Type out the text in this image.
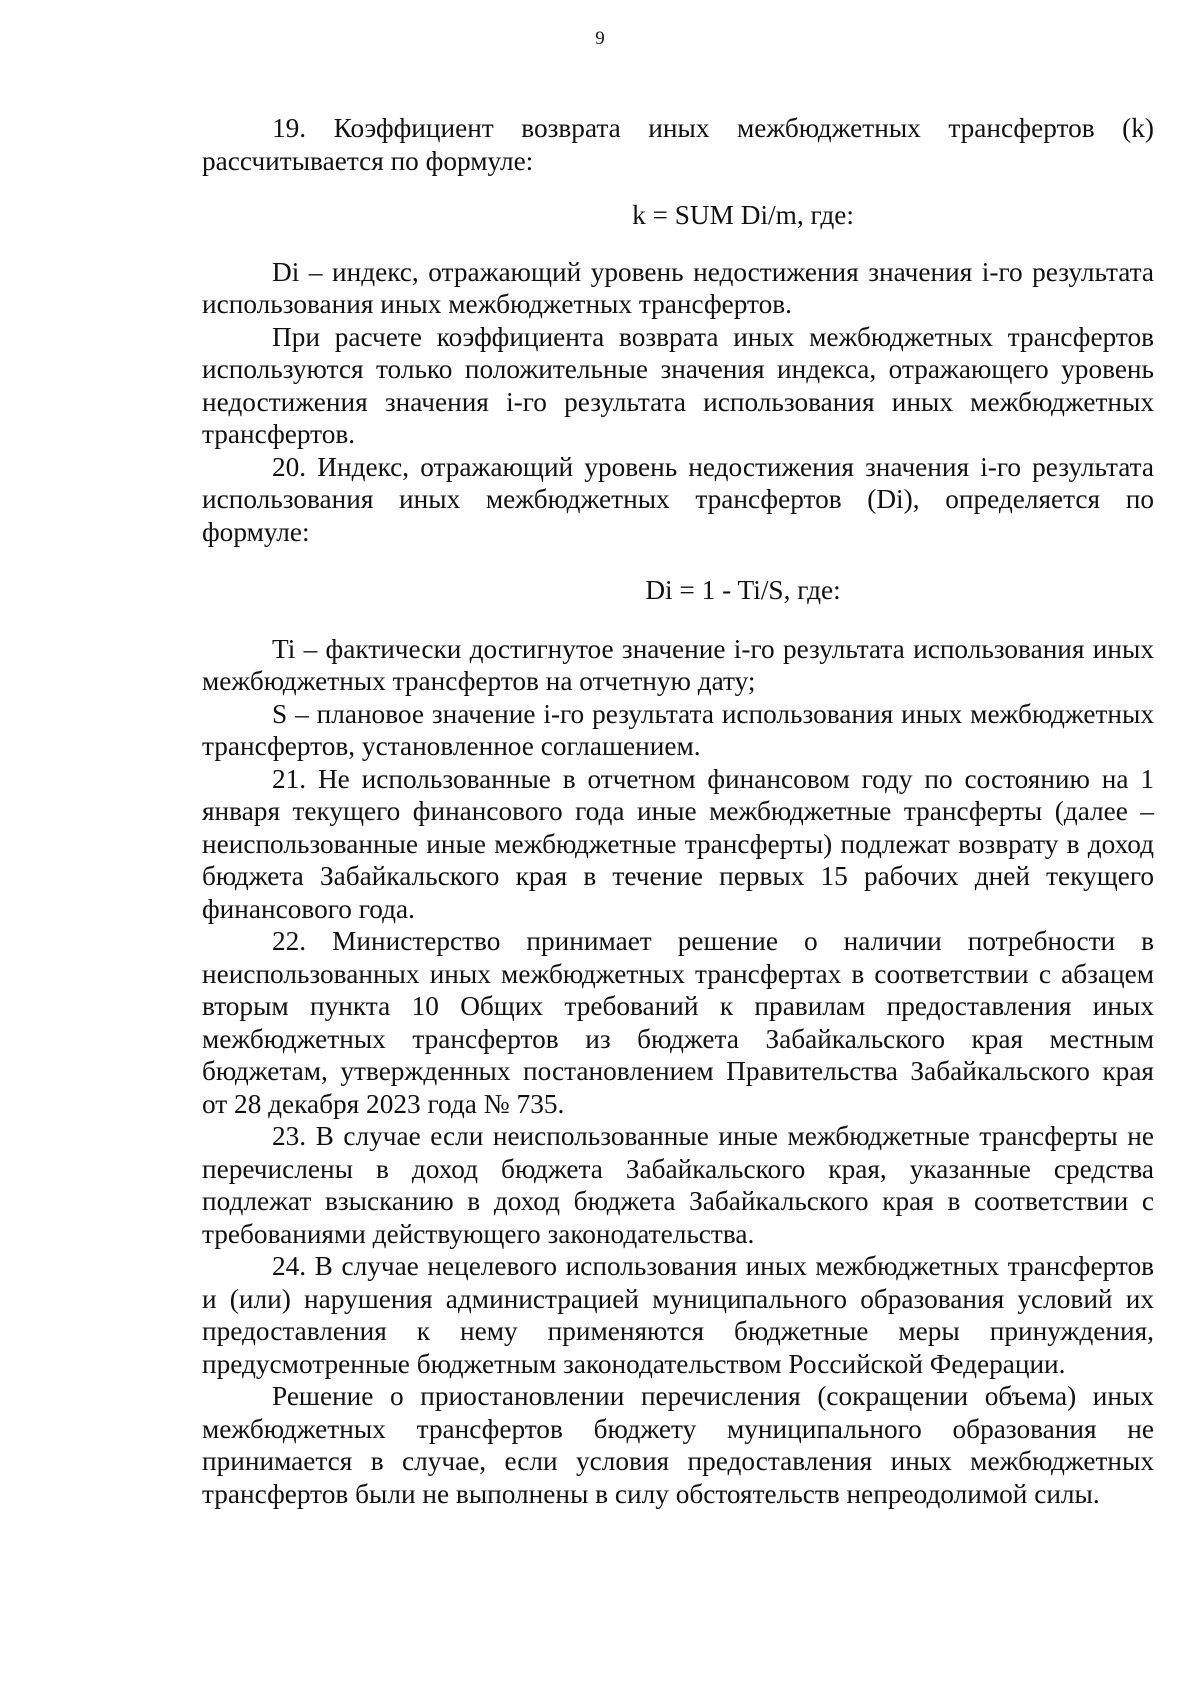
9

19. Коэффициент возврата иных межбюджетных трансфертов (k) рассчитывается по формуле:

k = SUM Di/m, где:

Di – индекс, отражающий уровень недостижения значения i-го результата использования иных межбюджетных трансфертов.

При расчете коэффициента возврата иных межбюджетных трансфертов используются только положительные значения индекса, отражающего уровень недостижения значения i-го результата использования иных межбюджетных трансфертов.

20. Индекс, отражающий уровень недостижения значения i-го результата использования иных межбюджетных трансфертов (Di), определяется по формуле:

Di = 1 - Ti/S, где:

Ti – фактически достигнутое значение i-го результата использования иных межбюджетных трансфертов на отчетную дату;

S – плановое значение i-го результата использования иных межбюджетных трансфертов, установленное соглашением.

21. Не использованные в отчетном финансовом году по состоянию на 1 января текущего финансового года иные межбюджетные трансферты (далее – неиспользованные иные межбюджетные трансферты) подлежат возврату в доход бюджета Забайкальского края в течение первых 15 рабочих дней текущего финансового года.

22. Министерство принимает решение о наличии потребности в неиспользованных иных межбюджетных трансфертах в соответствии с абзацем вторым пункта 10 Общих требований к правилам предоставления иных межбюджетных трансфертов из бюджета Забайкальского края местным бюджетам, утвержденных постановлением Правительства Забайкальского края от 28 декабря 2023 года № 735.

23. В случае если неиспользованные иные межбюджетные трансферты не перечислены в доход бюджета Забайкальского края, указанные средства подлежат взысканию в доход бюджета Забайкальского края в соответствии с требованиями действующего законодательства.

24. В случае нецелевого использования иных межбюджетных трансфертов и (или) нарушения администрацией муниципального образования условий их предоставления к нему применяются бюджетные меры принуждения, предусмотренные бюджетным законодательством Российской Федерации.

Решение о приостановлении перечисления (сокращении объема) иных межбюджетных трансфертов бюджету муниципального образования не принимается в случае, если условия предоставления иных межбюджетных трансфертов были не выполнены в силу обстоятельств непреодолимой силы.
